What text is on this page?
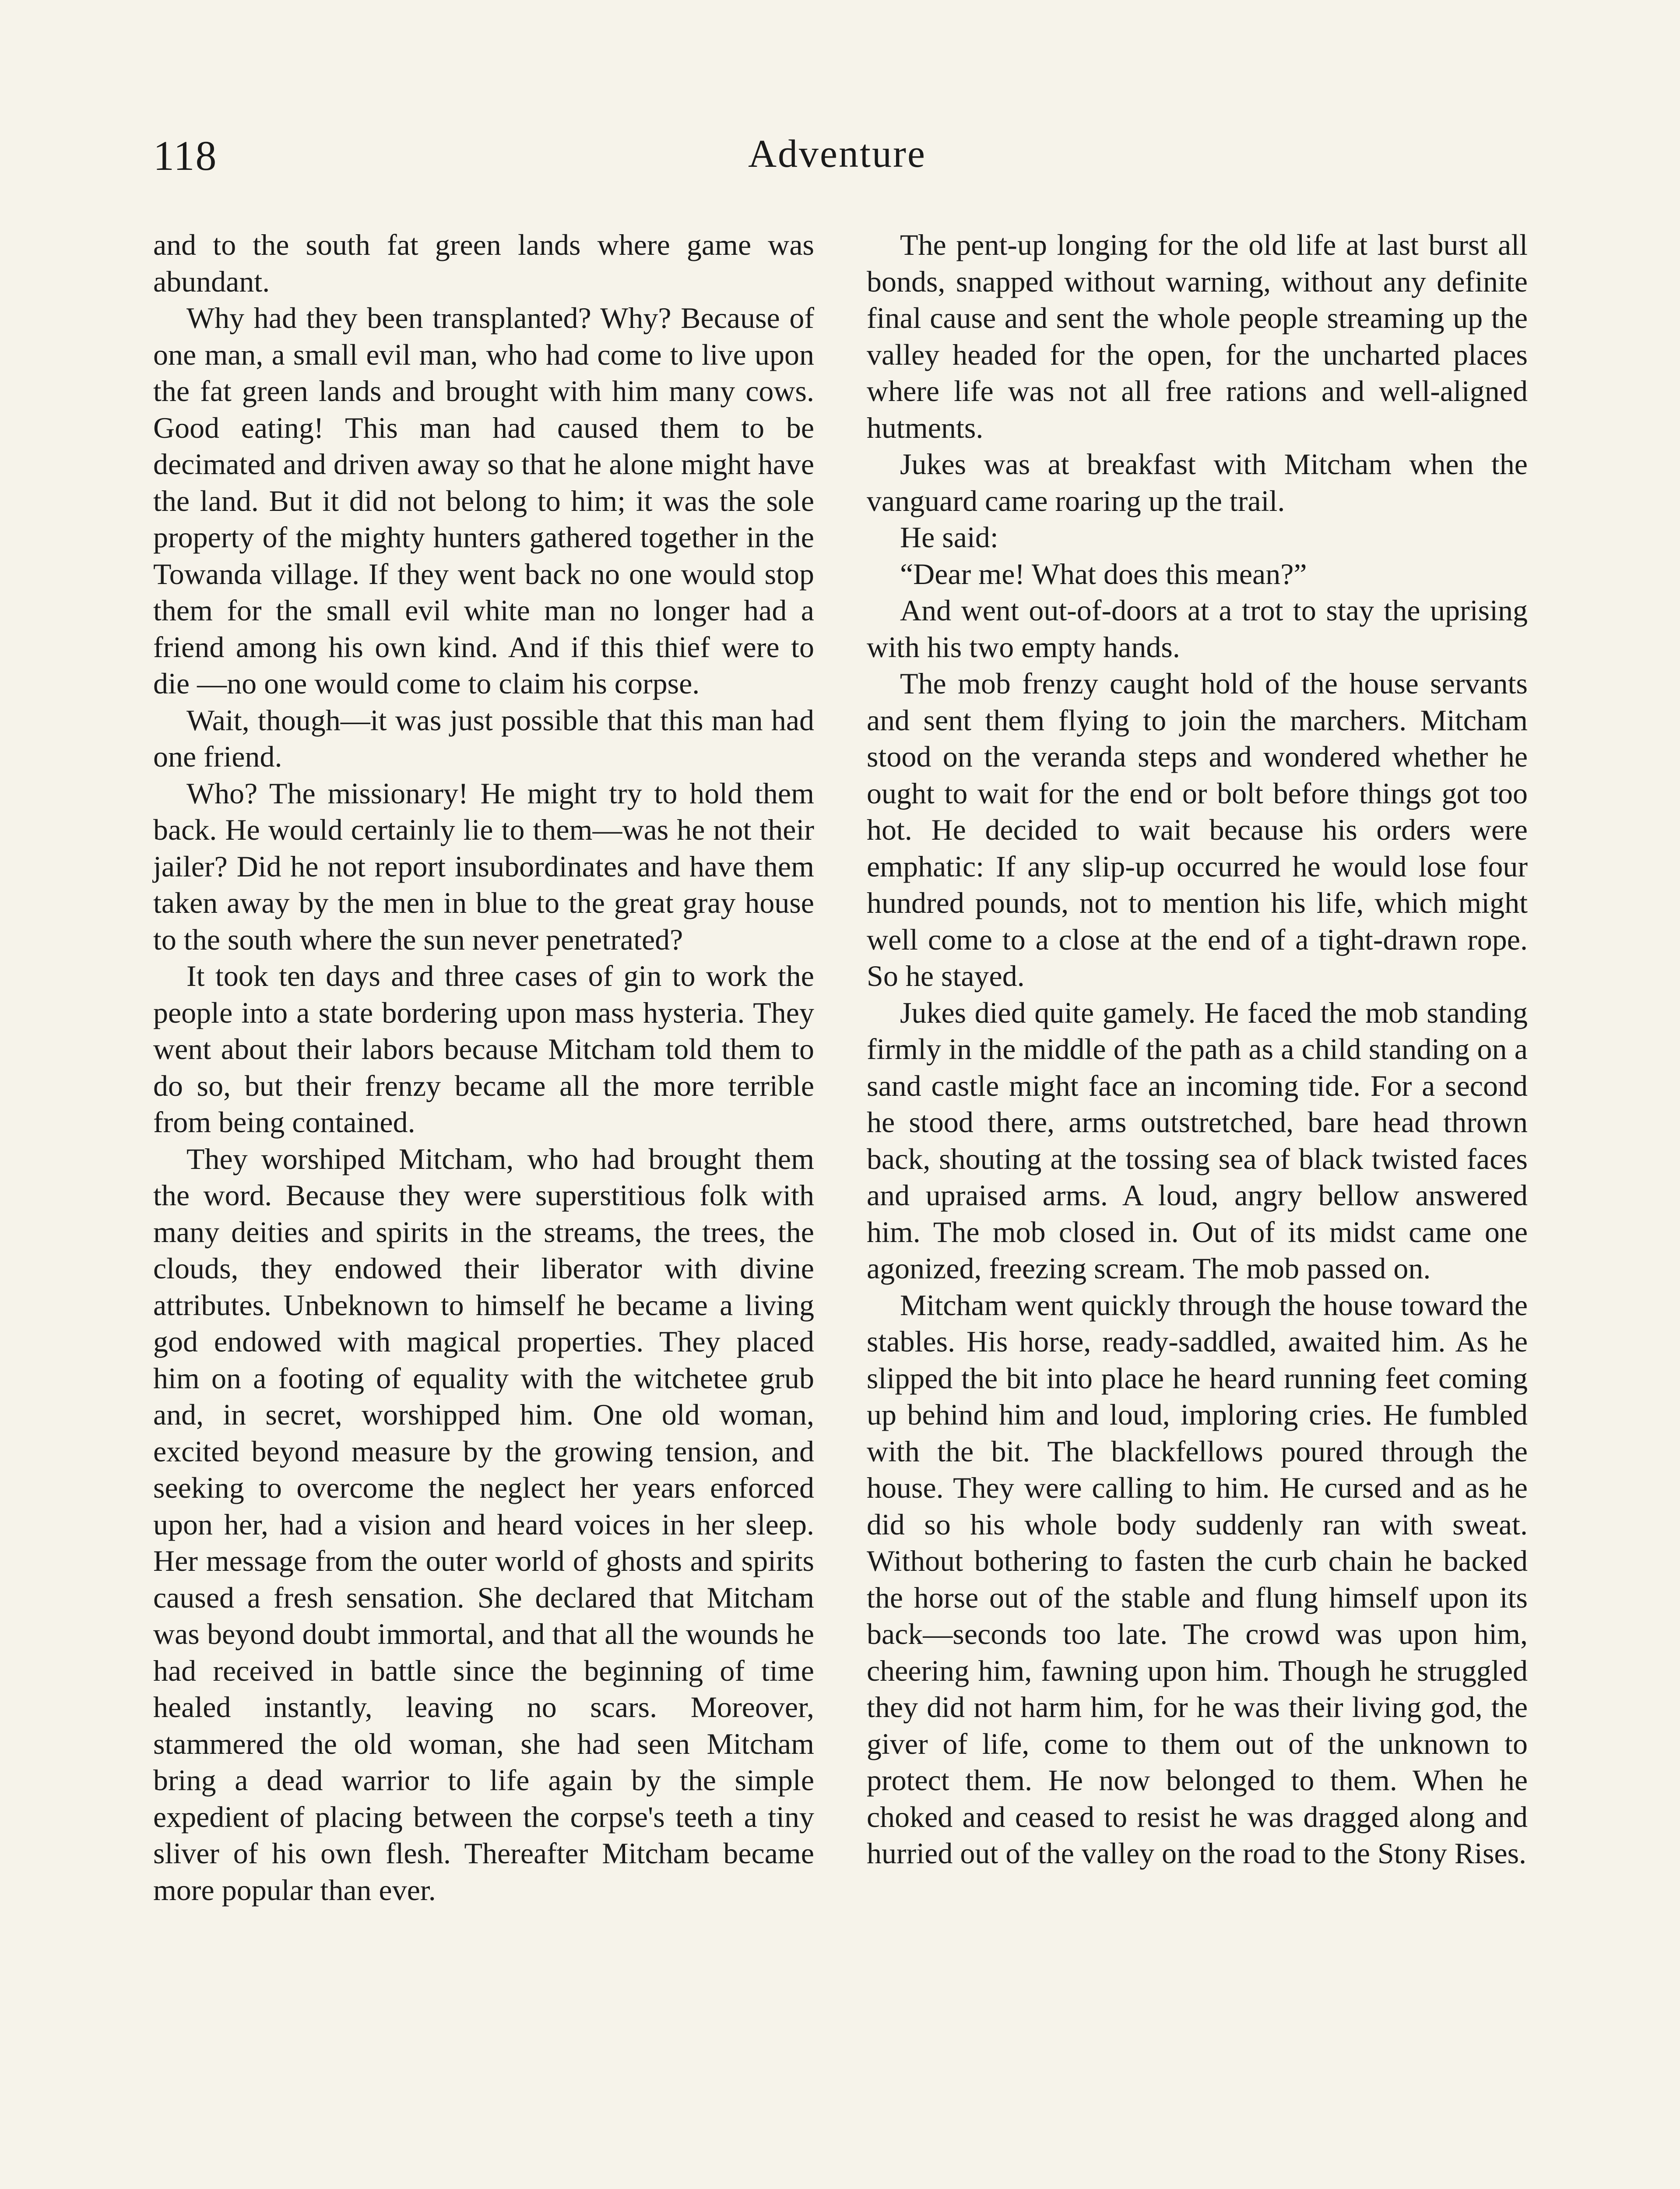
118	Adventure

and to the south fat green lands where game was abundant.

Why had they been transplanted? Why? Because of one man, a small evil man, who had come to live upon the fat green lands and brought with him many cows. Good eating! This man had caused them to be decimated and driven away so that he alone might have the land. But it did not belong to him; it was the sole property of the mighty hunters gathered together in the Towanda village. If they went back no one would stop them for the small evil white man no longer had a friend among his own kind. And if this thief were to die —no one would come to claim his corpse.

Wait, though—it was just possible that this man had one friend.

Who? The missionary! He might try to hold them back. He would certainly lie to them—was he not their jailer? Did he not report insubordinates and have them taken away by the men in blue to the great gray house to the south where the sun never penetrated?

It took ten days and three cases of gin to work the people into a state bordering upon mass hysteria. They went about their labors because Mitcham told them to do so, but their frenzy became all the more terrible from being contained.

They worshiped Mitcham, who had brought them the word. Because they were superstitious folk with many deities and spirits in the streams, the trees, the clouds, they endowed their liberator with divine attributes. Unbeknown to himself he became a living god endowed with magical properties. They placed him on a footing of equality with the witchetee grub and, in secret, worshipped him. One old woman, excited beyond measure by the growing tension, and seeking to overcome the neglect her years enforced upon her, had a vision and heard voices in her sleep. Her message from the outer world of ghosts and spirits caused a fresh sensation. She declared that Mitcham was beyond doubt immortal, and that all the wounds he had received in battle since the beginning of time healed instantly, leaving no scars. Moreover, stammered the old woman, she had seen Mitcham bring a dead warrior to life again by the simple expedient of placing between the corpse's teeth a tiny sliver of his own flesh. Thereafter Mitcham became more popular than ever.

The pent-up longing for the old life at last burst all bonds, snapped without warning, without any definite final cause and sent the whole people streaming up the valley headed for the open, for the uncharted places where life was not all free rations and well-aligned hutments.

Jukes was at breakfast with Mitcham when the vanguard came roaring up the trail.

He said:

“Dear me! What does this mean?”

And went out-of-doors at a trot to stay the uprising with his two empty hands.

The mob frenzy caught hold of the house servants and sent them flying to join the marchers. Mitcham stood on the veranda steps and wondered whether he ought to wait for the end or bolt before things got too hot. He decided to wait because his orders were emphatic: If any slip-up occurred he would lose four hundred pounds, not to mention his life, which might well come to a close at the end of a tight-drawn rope. So he stayed.

Jukes died quite gamely. He faced the mob standing firmly in the middle of the path as a child standing on a sand castle might face an incoming tide. For a second he stood there, arms outstretched, bare head thrown back, shouting at the tossing sea of black twisted faces and upraised arms. A loud, angry bellow answered him. The mob closed in. Out of its midst came one agonized, freezing scream. The mob passed on.

Mitcham went quickly through the house toward the stables. His horse, ready-saddled, awaited him. As he slipped the bit into place he heard running feet coming up behind him and loud, imploring cries. He fumbled with the bit. The blackfellows poured through the house. They were calling to him. He cursed and as he did so his whole body suddenly ran with sweat. Without bothering to fasten the curb chain he backed the horse out of the stable and flung himself upon its back—seconds too late. The crowd was upon him, cheering him, fawning upon him. Though he struggled they did not harm him, for he was their living god, the giver of life, come to them out of the unknown to protect them. He now belonged to them. When he choked and ceased to resist he was dragged along and hurried out of the valley on the road to the Stony Rises.
